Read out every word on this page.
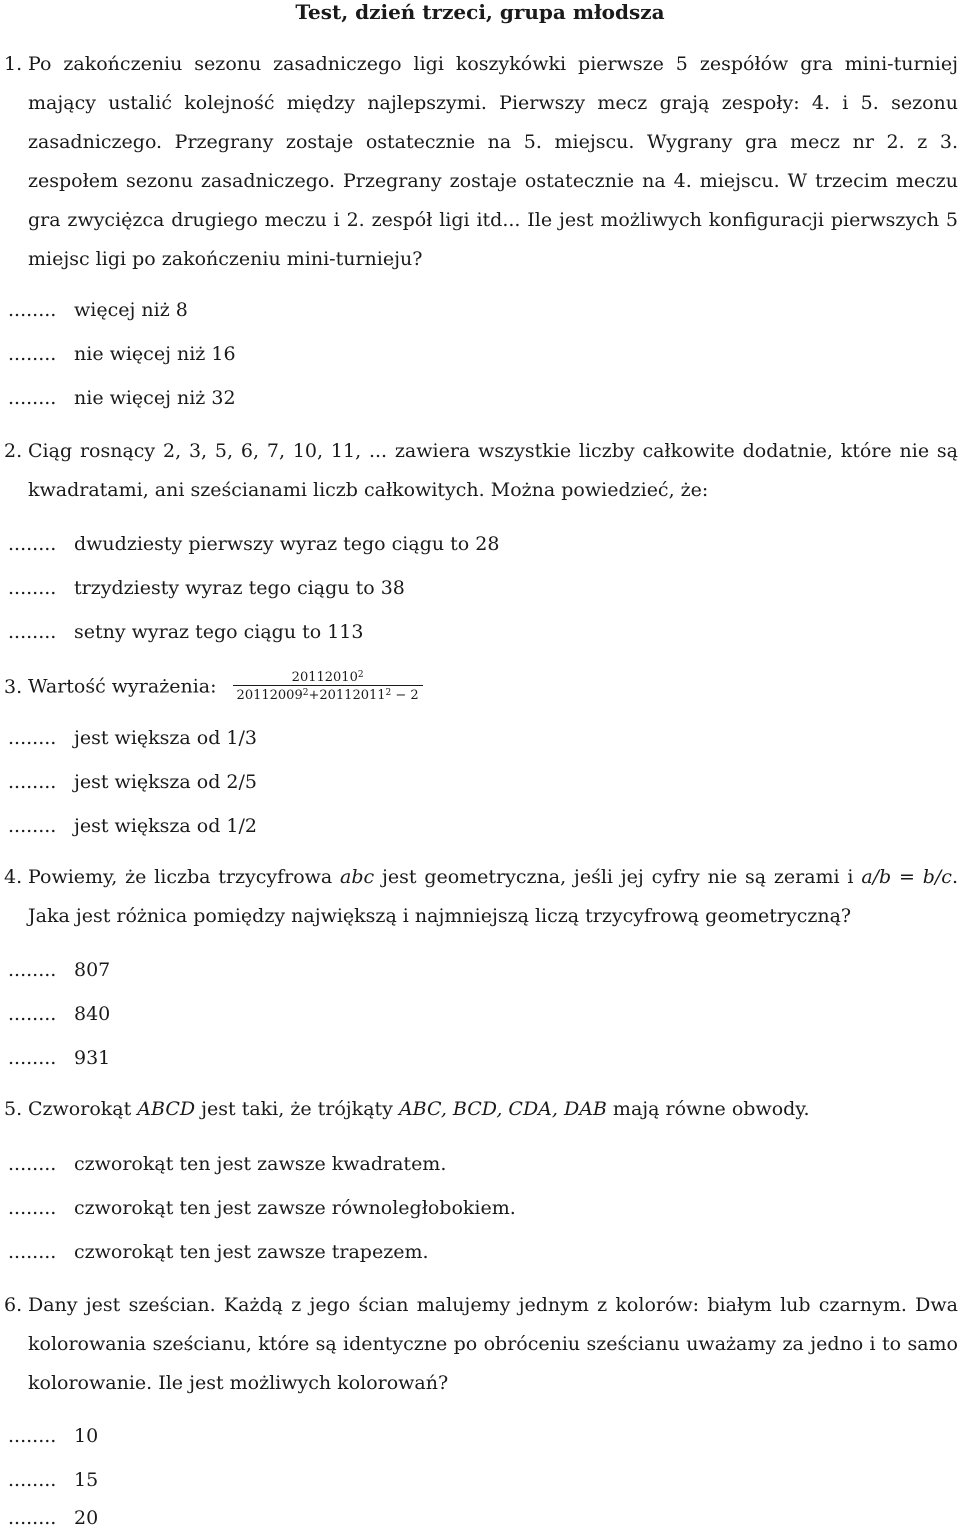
Test, dzień trzeci, grupa młodsza
1. Po zakończeniu sezonu zasadniczego ligi koszykówki pierwsze 5 zespółów gra mini-turniej mający ustalić kolejność między najlepszymi. Pierwszy mecz grają zespoły: 4. i 5. sezonu zasadniczego. Przegrany zostaje ostatecznie na 5. miejscu. Wygrany gra mecz nr 2. z 3. zespołem sezonu zasadniczego. Przegrany zostaje ostatecznie na 4. miejscu. W trzecim meczu gra zwycię̇zca drugiego meczu i 2. zespół ligi itd... Ile jest możliwych konfiguracji pierwszych 5 miejsc ligi po zakończeniu mini-turnieju?
........ więcej niż 8
........ nie więcej niż 16
........ nie więcej niż 32
2. Ciąg rosnący 2, 3, 5, 6, 7, 10, 11, ... zawiera wszystkie liczby całkowite dodatnie, które nie są kwadratami, ani sześcianami liczb całkowitych. Można powiedzieć, że:
........ dwudziesty pierwszy wyraz tego ciągu to 28
........ trzydziesty wyraz tego ciągu to 38
........ setny wyraz tego ciągu to 113
3. Wartość wyrażenia: $\frac{20112010^2}{20112009^2+20112011^2 - 2}$
........ jest większa od 1/3
........ jest większa od 2/5
........ jest większa od 1/2
4. Powiemy, że liczba trzycyfrowa abc jest geometryczna, jeśli jej cyfry nie są zerami i a/b = b/c. Jaka jest różnica pomiędzy największą i najmniejszą liczą trzycyfrową geometryczną?
........ 807
........ 840
........ 931
5. Czworokąt ABCD jest taki, że trójkąty ABC, BCD, CDA, DAB mają równe obwody.
........ czworokąt ten jest zawsze kwadratem.
........ czworokąt ten jest zawsze równoległobokiem.
........ czworokąt ten jest zawsze trapezem.
6. Dany jest sześcian. Każdą z jego ścian malujemy jednym z kolorów: białym lub czarnym. Dwa kolorowania sześcianu, które są identyczne po obróceniu sześcianu uważamy za jedno i to samo kolorowanie. Ile jest możliwych kolorowań?
........ 10
........ 15
........ 20
